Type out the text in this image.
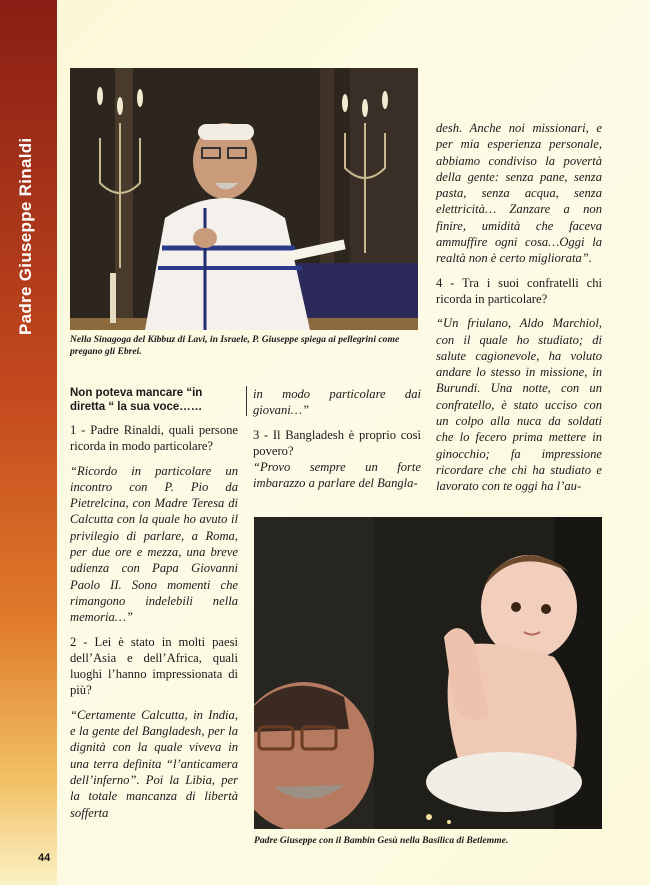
Padre Giuseppe Rinaldi
Nella Sinagoga del Kibbuz di Lavi, in Israele, P. Giuseppe spiega ai pellegrini come pregano gli Ebrei.

Non poteva mancare “in diretta “ la sua voce……

1 - Padre Rinaldi, quali persone ricorda in modo particolare?

“Ricordo in particolare un incontro con P. Pio da Pietrelcina, con Madre Teresa di Calcutta con la quale ho avuto il privilegio di parlare, a Roma, per due ore e mezza, una breve udienza con Papa Giovanni Paolo II. Sono momenti che rimangono indelebili nella memoria…”

2 - Lei è stato in molti paesi dell’Asia e dell’Africa, quali luoghi l’hanno impressionata di più?

“Certamente Calcutta, in India, e la gente del Bangladesh, per la dignità con la quale viveva in una terra definita “l’anticamera dell’inferno”. Poi la Libia, per la totale mancanza di libertà sofferta

in modo particolare dai giovani…”

3 - Il Bangladesh è proprio così povero?

“Provo sempre un forte imbarazzo a parlare del Bangla-

desh. Anche noi missionari, e per mia esperienza personale, abbiamo condiviso la povertà della gente: senza pane, senza pasta, senza acqua, senza elettricità… Zanzare a non finire, umidità che faceva ammuffire ogni cosa…Oggi la realtà non è certo migliorata”.

4 - Tra i suoi confratelli chi ricorda in particolare?

“Un friulano, Aldo Marchiol, con il quale ho studiato; di salute cagionevole, ha voluto andare lo stesso in missione, in Burundi. Una notte, con un confratello, è stato ucciso con un colpo alla nuca da soldati che lo fecero prima mettere in ginocchio; fa impressione ricordare che chi ha studiato e lavorato con te oggi ha l’au-

Padre Giuseppe con il Bambin Gesù nella Basilica di Betlemme.
44
